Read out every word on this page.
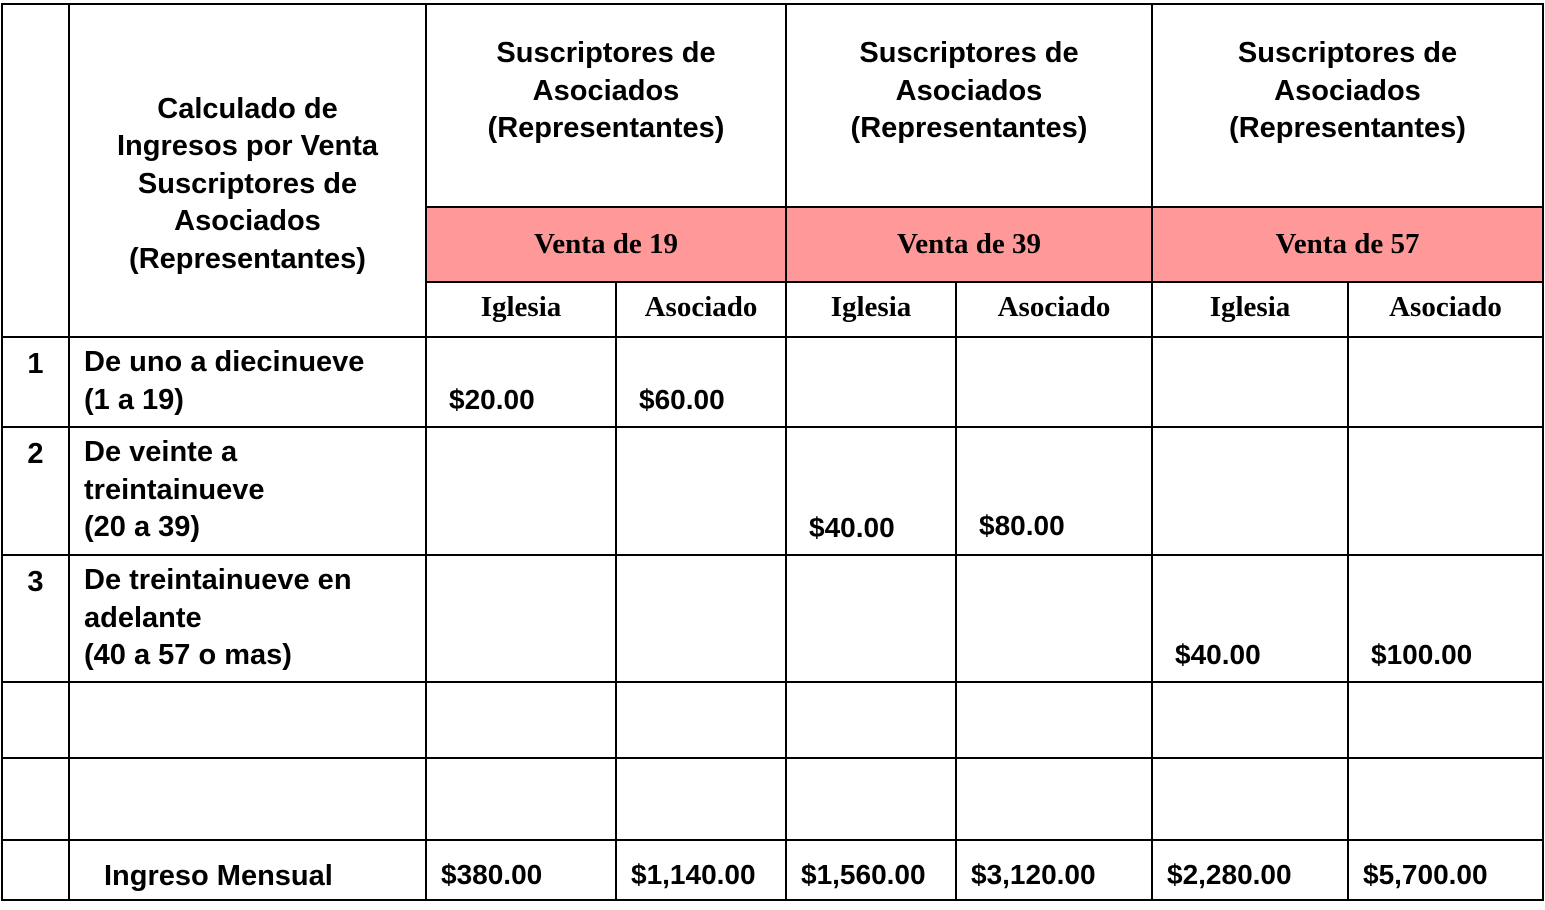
	Calculado de
Ingresos por Venta
Suscriptores de
Asociados
(Representantes)	Suscriptores de
Asociados
(Representantes)		Suscriptores de
Asociados
(Representantes)		Suscriptores de
Asociados
(Representantes)	

		Venta de 19		Venta de 39		Venta de 57	
		Iglesia	Asociado	Iglesia	Asociado	Iglesia	Asociado
1	De uno a diecinueve
(1 a 19)	$20.00	$60.00				
2	De veinte a
treintainueve
(20 a 39)			$40.00	$80.00		
3	De treintainueve en
adelante
(40 a 57 o mas)					$40.00	$100.00

	Ingreso Mensual	$380.00	$1,140.00	$1,560.00	$3,120.00	$2,280.00	$5,700.00
